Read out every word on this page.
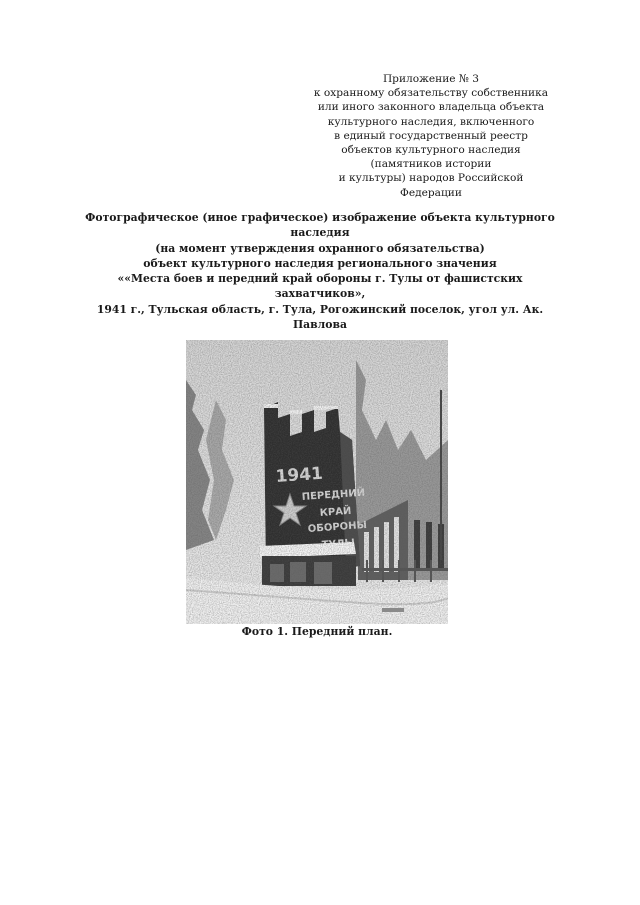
Приложение № 3
к охранному обязательству собственника
или иного законного владельца объекта
культурного наследия, включенного
в единый государственный реестр
объектов культурного наследия
(памятников истории
и культуры) народов Российской
Федерации
Фотографическое (иное графическое) изображение объекта культурного
наследия
(на момент утверждения охранного обязательства)
объект культурного наследия регионального значения
««Места боев и передний край обороны г. Тулы от фашистских
захватчиков»,
1941 г., Тульская область, г. Тула, Рогожинский поселок, угол ул. Ак.
Павлова
Фото 1. Передний план.
